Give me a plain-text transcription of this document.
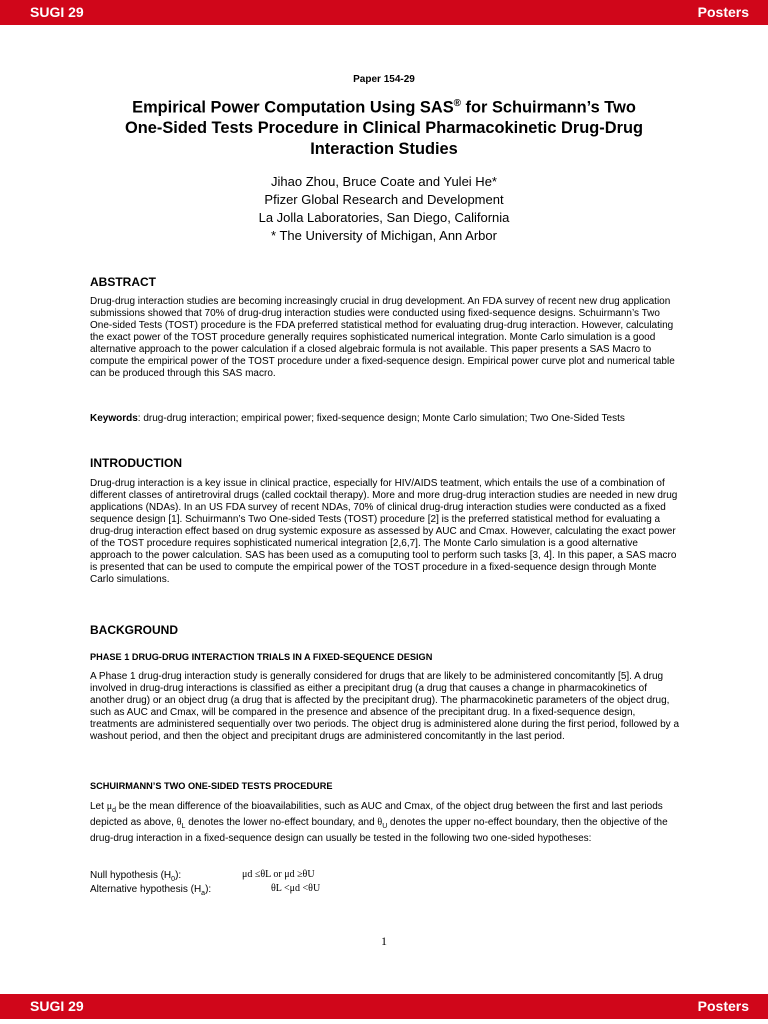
SUGI 29	Posters
Paper 154-29
Empirical Power Computation Using SAS® for Schuirmann’s Two
One-Sided Tests Procedure in Clinical Pharmacokinetic Drug-Drug
Interaction Studies
Jihao Zhou, Bruce Coate and Yulei He*
Pfizer Global Research and Development
La Jolla Laboratories, San Diego, California
* The University of Michigan, Ann Arbor
ABSTRACT
Drug-drug interaction studies are becoming increasingly crucial in drug development. An FDA survey of recent new drug application submissions showed that 70% of drug-drug interaction studies were conducted using fixed-sequence designs. Schuirmann’s Two One-sided Tests (TOST) procedure is the FDA preferred statistical method for evaluating drug-drug interaction. However, calculating the exact power of the TOST procedure generally requires sophisticated numerical integration. Monte Carlo simulation is a good alternative approach to the power calculation if a closed algebraic formula is not available. This paper presents a SAS Macro to compute the empirical power of the TOST procedure under a fixed-sequence design. Empirical power curve plot and numerical table can be produced through this SAS macro.
Keywords: drug-drug interaction; empirical power; fixed-sequence design; Monte Carlo simulation; Two One-Sided Tests
INTRODUCTION
Drug-drug interaction is a key issue in clinical practice, especially for HIV/AIDS teatment, which entails the use of a combination of different classes of antiretroviral drugs (called cocktail therapy). More and more drug-drug interaction studies are needed in new drug applications (NDAs). In an US FDA survey of recent NDAs, 70% of clinical drug-drug interaction studies were conducted as a fixed sequence design [1]. Schuirmann’s Two One-sided Tests (TOST) procedure [2] is the preferred statistical method for evaluating a drug-drug interaction effect based on drug systemic exposure as assessed by AUC and Cmax. However, calculating the exact power of the TOST procedure requires sophisticated numerical integration [2,6,7]. The Monte Carlo simulation is a good alternative approach to the power calculation. SAS has been used as a comuputing tool to perform such tasks [3, 4]. In this paper, a SAS macro is presented that can be used to compute the empirical power of the TOST procedure in a fixed-sequence design through Monte Carlo simulations.
BACKGROUND
PHASE 1 DRUG-DRUG INTERACTION TRIALS IN A FIXED-SEQUENCE DESIGN
A Phase 1 drug-drug interaction study is generally considered for drugs that are likely to be administered concomitantly [5]. A drug involved in drug-drug interactions is classified as either a precipitant drug (a drug that causes a change in pharmacokinetics of another drug) or an object drug (a drug that is affected by the precipitant drug). The pharmacokinetic parameters of the object drug, such as AUC and Cmax, will be compared in the presence and absence of the precipitant drug. In a fixed-sequence design, treatments are administered sequentially over two periods. The object drug is administered alone during the first period, followed by a washout period, and then the object and precipitant drugs are administered concomitantly in the last period.
SCHUIRMANN’S TWO ONE-SIDED TESTS PROCEDURE
Let $\mu_d$ be the mean difference of the bioavailabilities, such as AUC and Cmax, of the object drug between the first and last periods depicted as above, $\theta_L$ denotes the lower no-effect boundary, and $\theta_U$ denotes the upper no-effect boundary, then the objective of the drug-drug interaction in a fixed-sequence design can usually be tested in the following two one-sided hypotheses:
Null hypothesis $(H_0)$:	μd ≤θL or μd ≥θU
Alternative hypothesis $(H_a)$:	θL <μd <θU
1
SUGI 29	Posters
